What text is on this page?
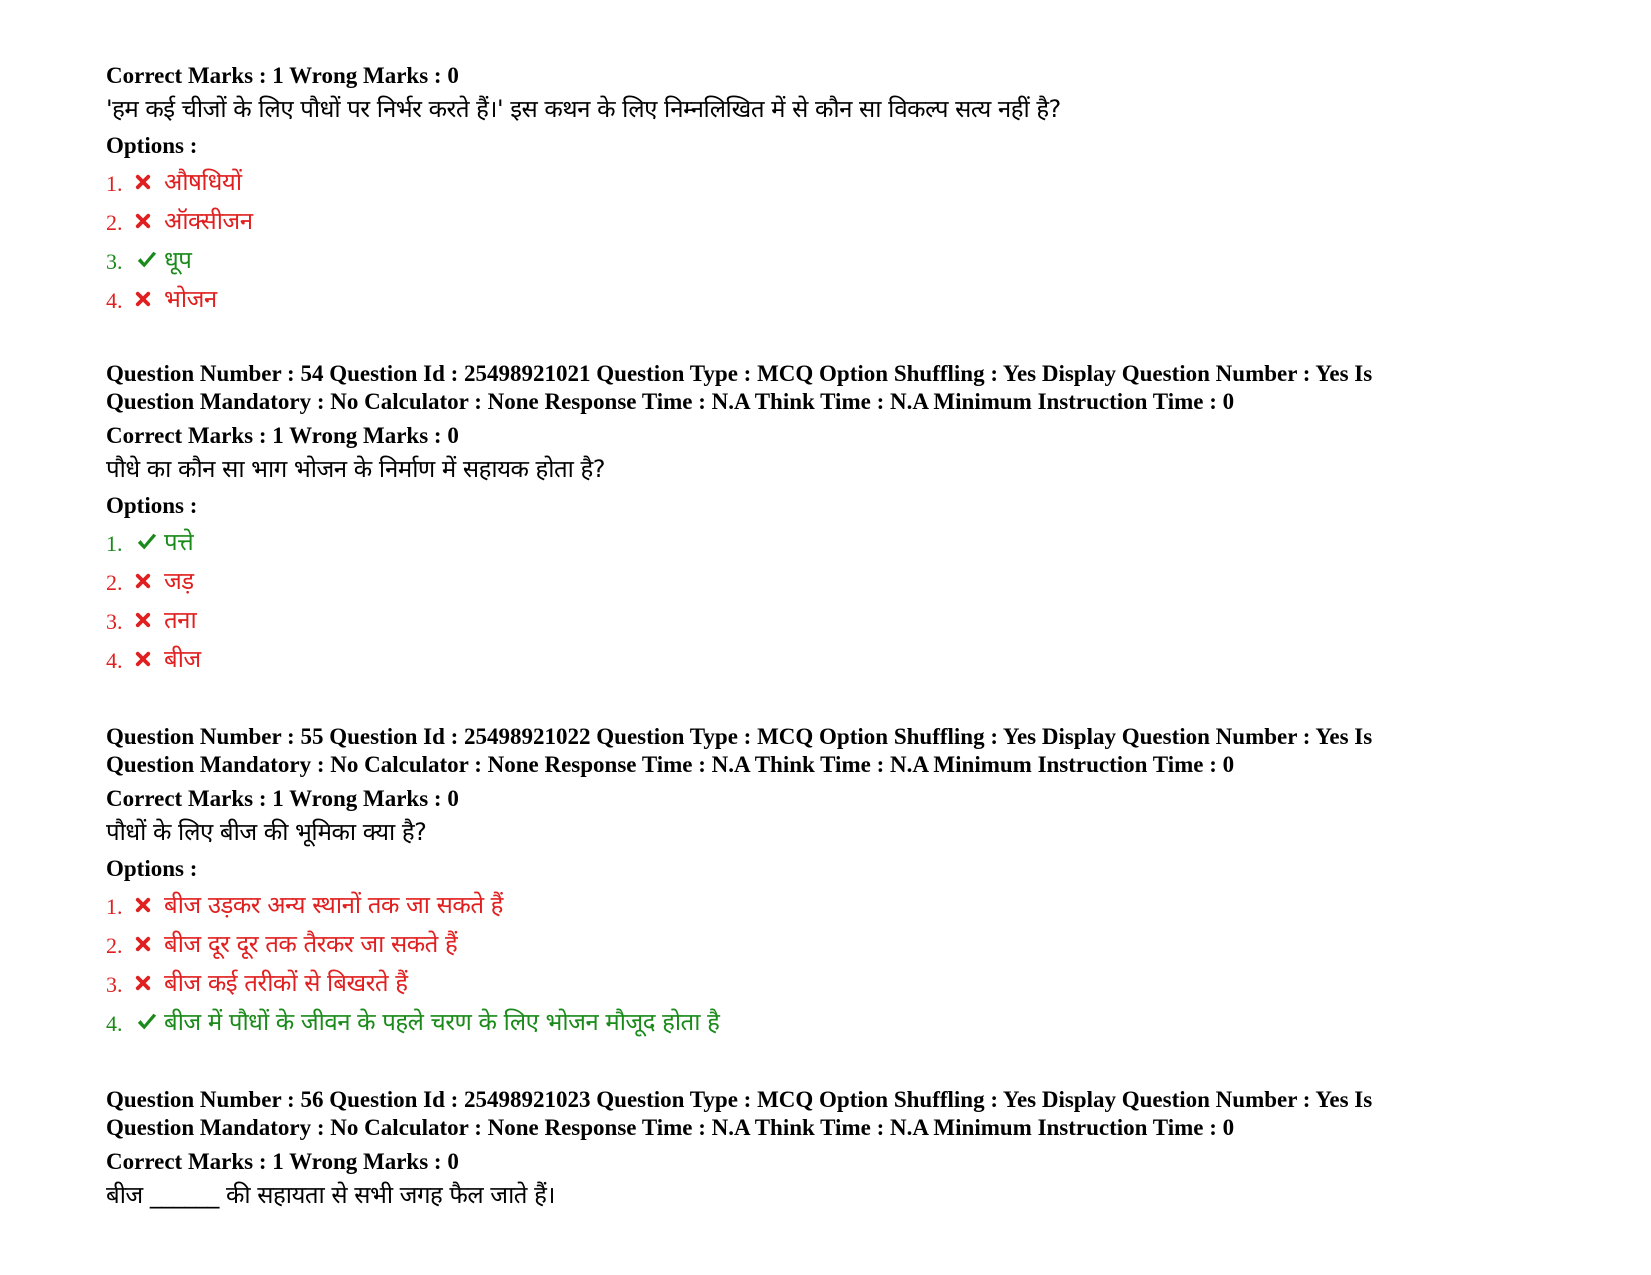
Correct Marks : 1 Wrong Marks : 0

'हम कई चीजों के लिए पौधों पर निर्भर करते हैं।' इस कथन के लिए निम्नलिखित में से कौन सा विकल्प सत्य नहीं है?

Options :

1.	औषधियों
2.	ऑक्सीजन
3.	धूप
4.	भोजन

Question Number : 54 Question Id : 25498921021 Question Type : MCQ Option Shuffling : Yes Display Question Number : Yes Is

Question Mandatory : No Calculator : None Response Time : N.A Think Time : N.A Minimum Instruction Time : 0

Correct Marks : 1 Wrong Marks : 0

पौधे का कौन सा भाग भोजन के निर्माण में सहायक होता है?

Options :

1.	पत्ते
2.	जड़
3.	तना
4.	बीज

Question Number : 55 Question Id : 25498921022 Question Type : MCQ Option Shuffling : Yes Display Question Number : Yes Is

Question Mandatory : No Calculator : None Response Time : N.A Think Time : N.A Minimum Instruction Time : 0

Correct Marks : 1 Wrong Marks : 0

पौधों के लिए बीज की भूमिका क्या है?

Options :

1.	बीज उड़कर अन्य स्थानों तक जा सकते हैं
2.	बीज दूर दूर तक तैरकर जा सकते हैं
3.	बीज कई तरीकों से बिखरते हैं
4.	बीज में पौधों के जीवन के पहले चरण के लिए भोजन मौजूद होता है

Question Number : 56 Question Id : 25498921023 Question Type : MCQ Option Shuffling : Yes Display Question Number : Yes Is

Question Mandatory : No Calculator : None Response Time : N.A Think Time : N.A Minimum Instruction Time : 0

Correct Marks : 1 Wrong Marks : 0

बीज ______ की सहायता से सभी जगह फैल जाते हैं।
